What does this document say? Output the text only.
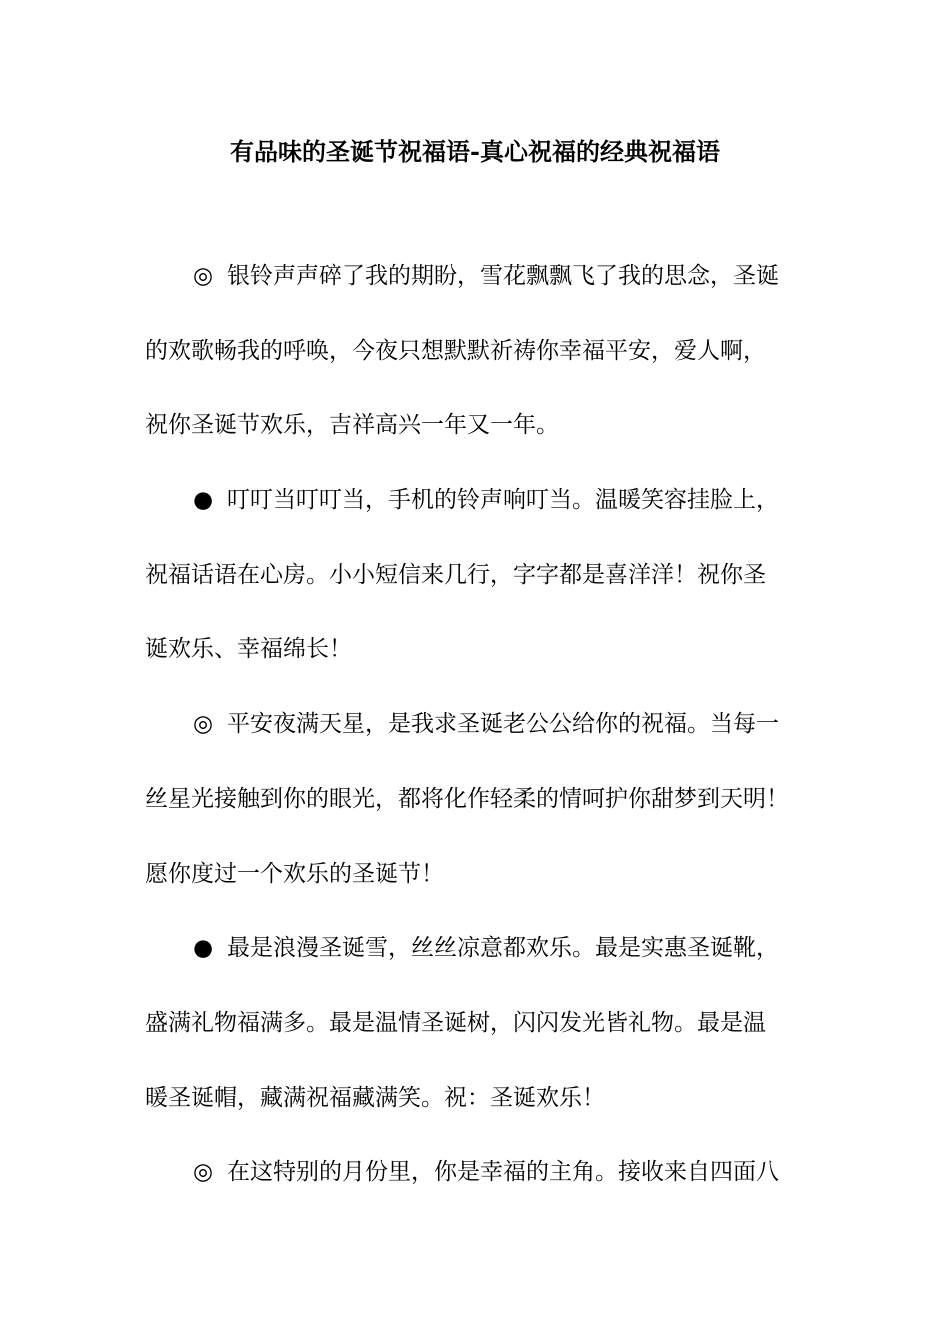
有品味的圣诞节祝福语-真心祝福的经典祝福语
◎ 银铃声声碎了我的期盼，雪花飘飘飞了我的思念，圣诞
的欢歌畅我的呼唤，今夜只想默默祈祷你幸福平安，爱人啊，
祝你圣诞节欢乐，吉祥高兴一年又一年。
● 叮叮当叮叮当，手机的铃声响叮当。温暖笑容挂脸上，
祝福话语在心房。小小短信来几行，字字都是喜洋洋！祝你圣
诞欢乐、幸福绵长！
◎ 平安夜满天星，是我求圣诞老公公给你的祝福。当每一
丝星光接触到你的眼光，都将化作轻柔的情呵护你甜梦到天明！
愿你度过一个欢乐的圣诞节！
● 最是浪漫圣诞雪，丝丝凉意都欢乐。最是实惠圣诞靴，
盛满礼物福满多。最是温情圣诞树，闪闪发光皆礼物。最是温
暖圣诞帽，藏满祝福藏满笑。祝：圣诞欢乐！
◎ 在这特别的月份里，你是幸福的主角。接收来自四面八
